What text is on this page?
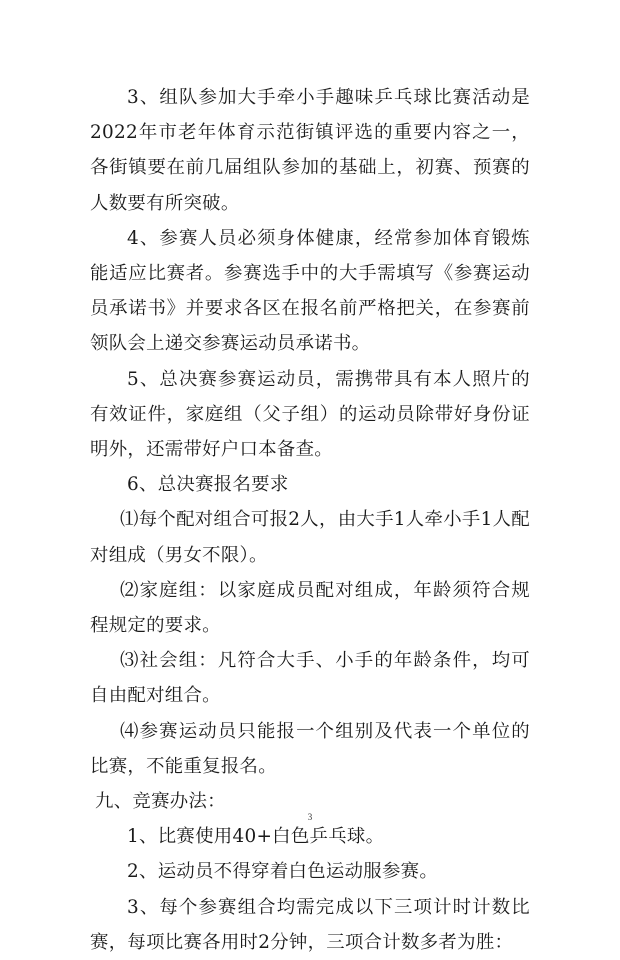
3、组队参加大手牵小手趣味乒乓球比赛活动是2022年市老年体育示范街镇评选的重要内容之一，各街镇要在前几届组队参加的基础上，初赛、预赛的人数要有所突破。

4、参赛人员必须身体健康，经常参加体育锻炼能适应比赛者。参赛选手中的大手需填写《参赛运动员承诺书》并要求各区在报名前严格把关，在参赛前领队会上递交参赛运动员承诺书。

5、总决赛参赛运动员，需携带具有本人照片的有效证件，家庭组（父子组）的运动员除带好身份证明外，还需带好户口本备查。

6、总决赛报名要求

⑴每个配对组合可报2人，由大手1人牵小手1人配对组成（男女不限）。

⑵家庭组：以家庭成员配对组成，年龄须符合规程规定的要求。

⑶社会组：凡符合大手、小手的年龄条件，均可自由配对组合。

⑷参赛运动员只能报一个组别及代表一个单位的比赛，不能重复报名。

九、竞赛办法：

1、比赛使用40+白色乒乓球。

2、运动员不得穿着白色运动服参赛。

3、每个参赛组合均需完成以下三项计时计数比赛，每项比赛各用时2分钟，三项合计数多者为胜：

3
